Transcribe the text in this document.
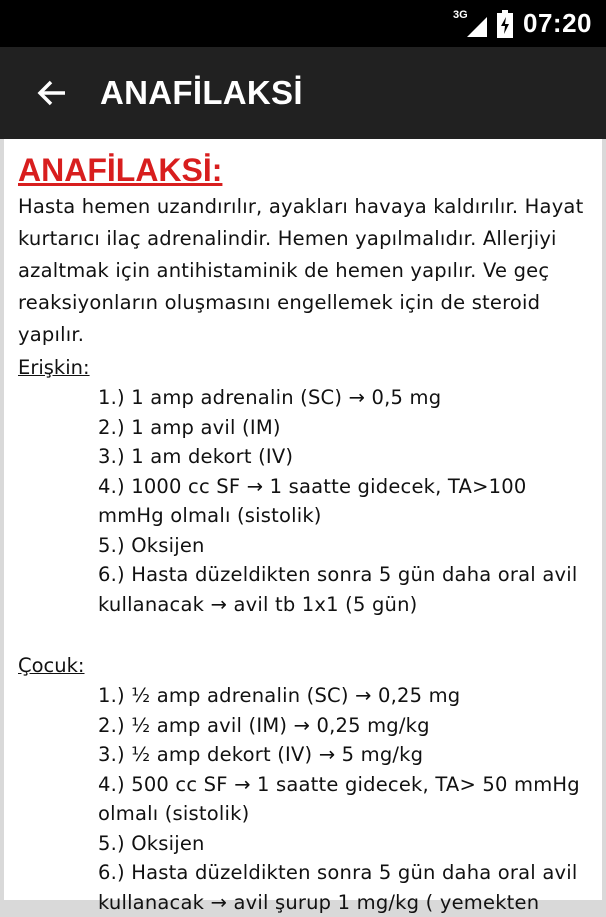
3G 07:20
ANAFİLAKSİ
ANAFİLAKSİ:

Hasta hemen uzandırılır, ayakları havaya kaldırılır. Hayat kurtarıcı ilaç adrenalindir. Hemen yapılmalıdır. Allerjiyi azaltmak için antihistaminik de hemen yapılır. Ve geç reaksiyonların oluşmasını engellemek için de steroid yapılır.

Erişkin:
1.) 1 amp adrenalin (SC) → 0,5 mg
2.) 1 amp avil (IM)
3.) 1 am dekort (IV)
4.) 1000 cc SF → 1 saatte gidecek, TA>100 mmHg olmalı (sistolik)
5.) Oksijen
6.) Hasta düzeldikten sonra 5 gün daha oral avil kullanacak → avil tb 1x1 (5 gün)
Çocuk:
1.) ½ amp adrenalin (SC) → 0,25 mg
2.) ½ amp avil (IM) → 0,25 mg/kg
3.) ½ amp dekort (IV) → 5 mg/kg
4.) 500 cc SF → 1 saatte gidecek, TA> 50 mmHg olmalı (sistolik)
5.) Oksijen
6.) Hasta düzeldikten sonra 5 gün daha oral avil kullanacak → avil şurup 1 mg/kg ( yemekten
